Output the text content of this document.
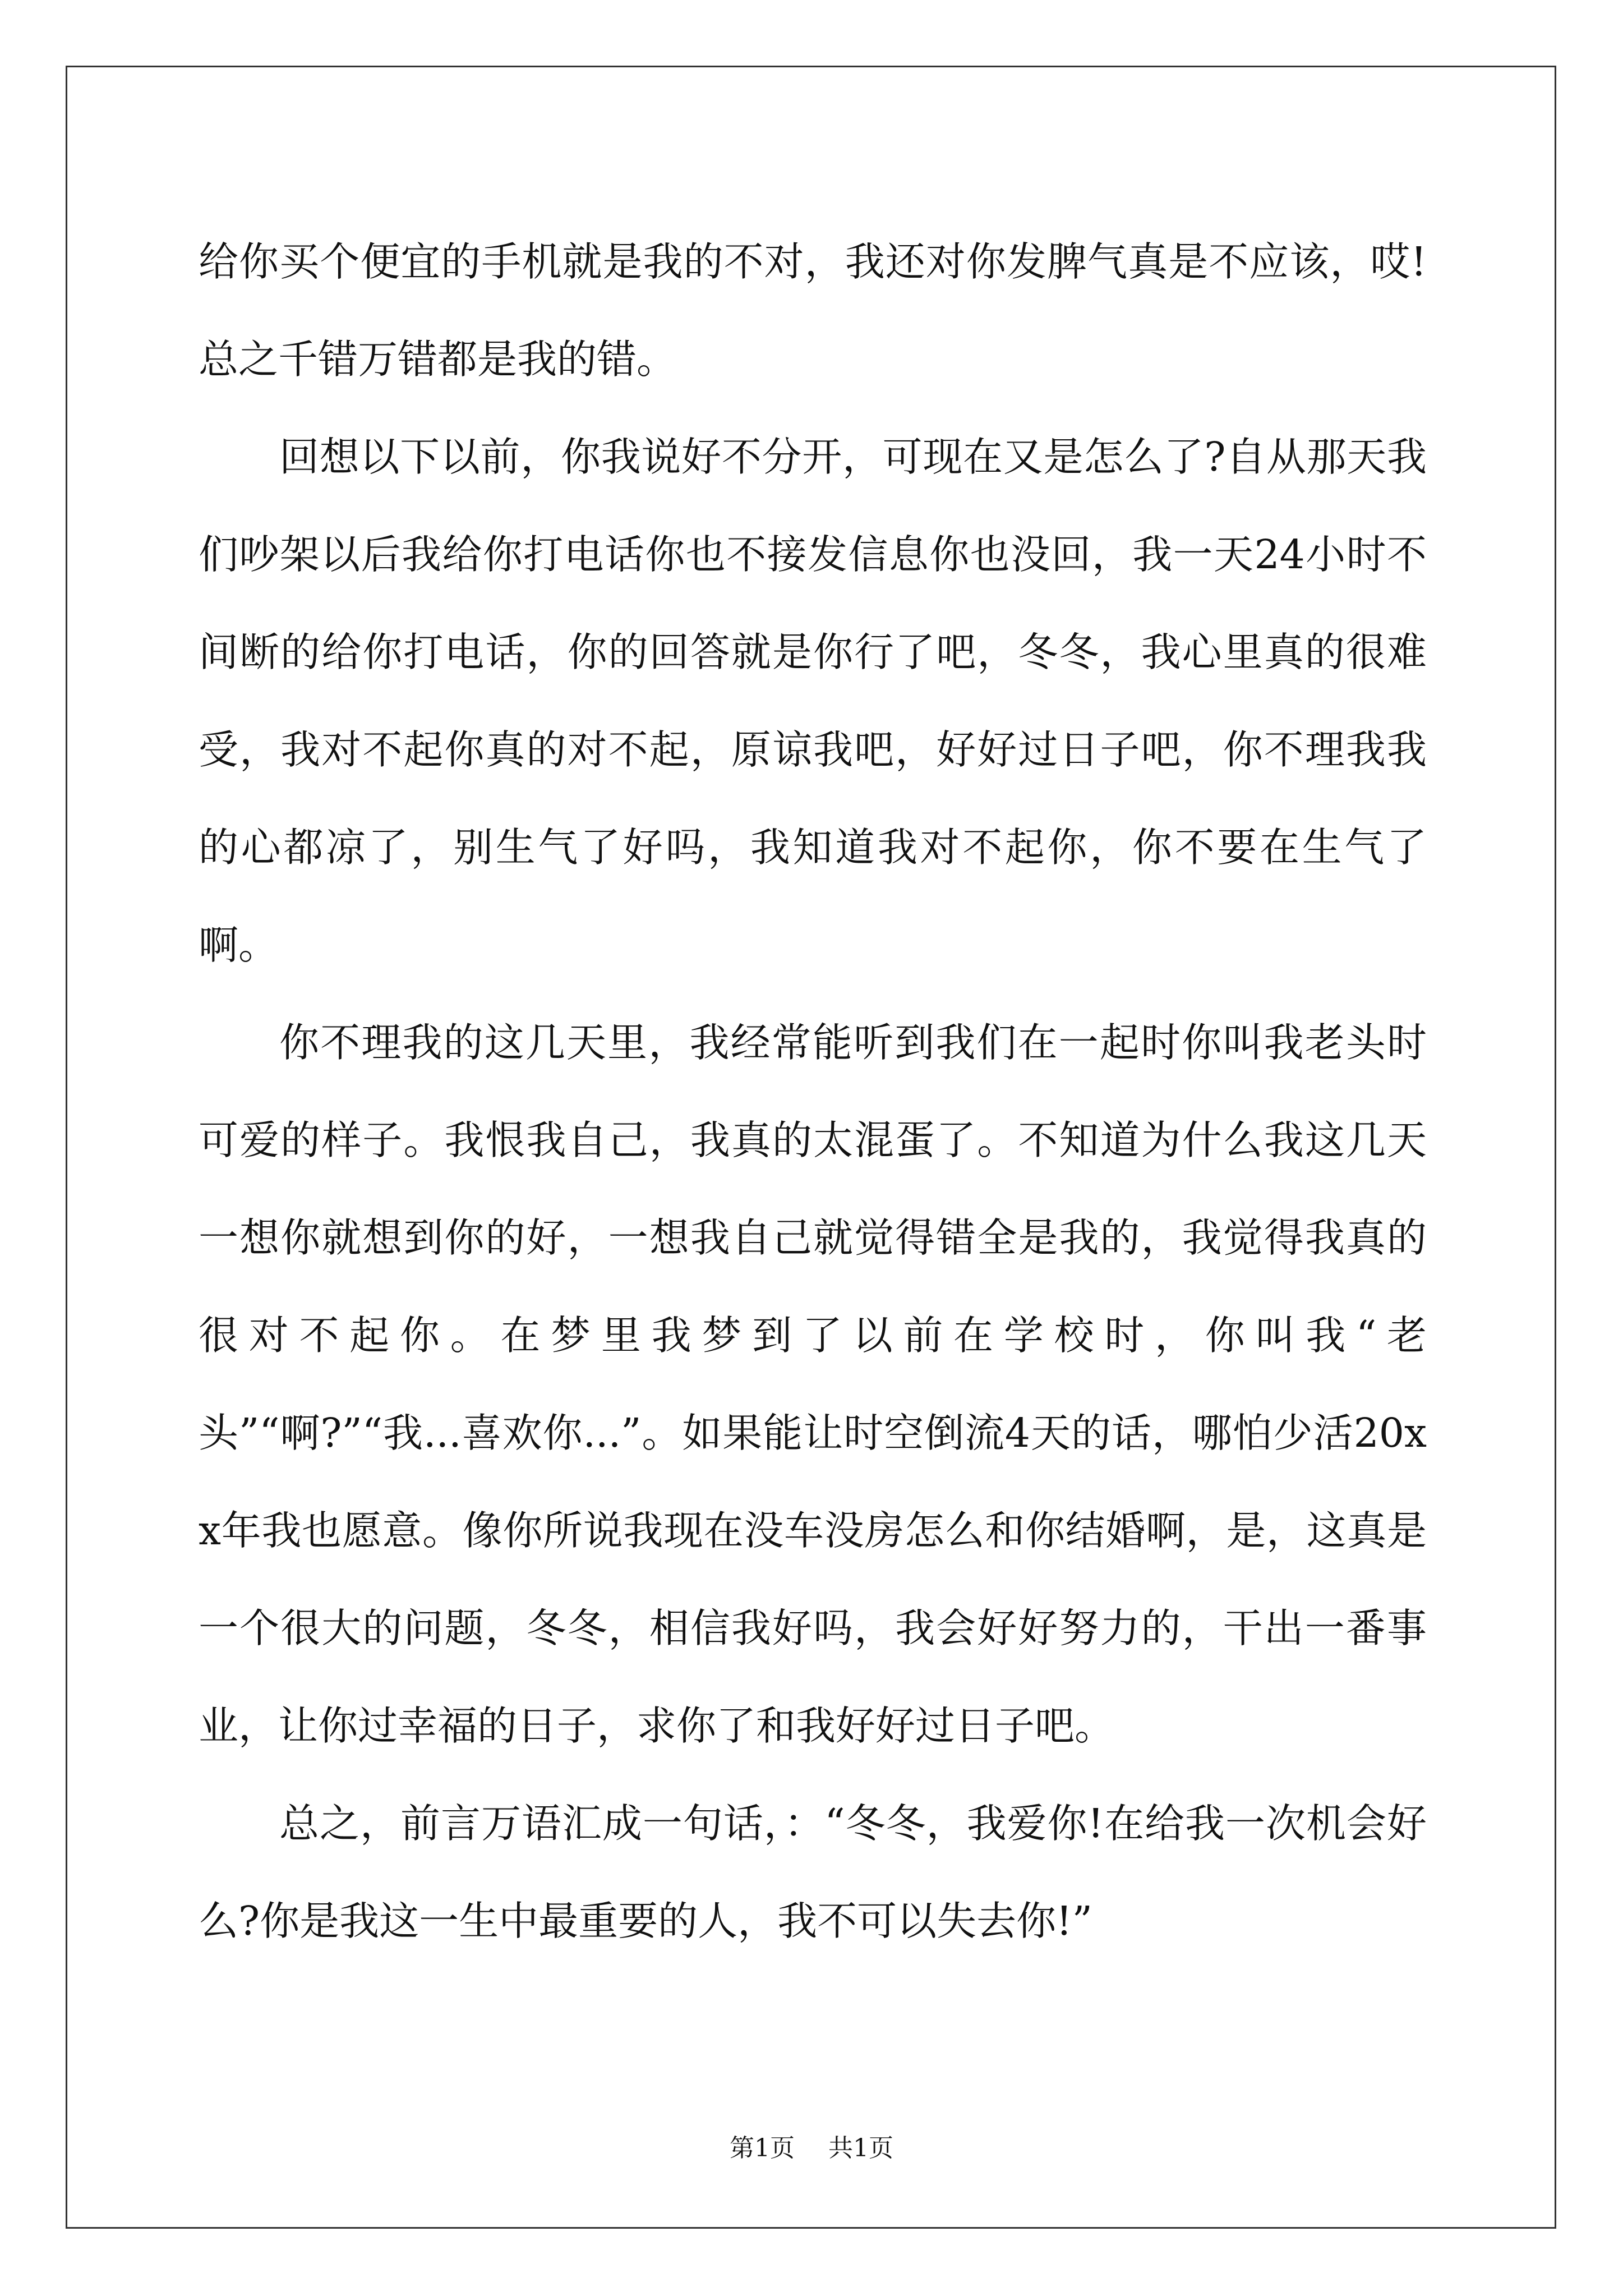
给你买个便宜的手机就是我的不对，我还对你发脾气真是不应该，哎!总之千错万错都是我的错。

回想以下以前，你我说好不分开，可现在又是怎么了?自从那天我们吵架以后我给你打电话你也不接发信息你也没回，我一天24小时不间断的给你打电话，你的回答就是你行了吧，冬冬，我心里真的很难受，我对不起你真的对不起，原谅我吧，好好过日子吧，你不理我我的心都凉了，别生气了好吗，我知道我对不起你，你不要在生气了啊。

你不理我的这几天里，我经常能听到我们在一起时你叫我老头时可爱的样子。我恨我自己，我真的太混蛋了。不知道为什么我这几天一想你就想到你的好，一想我自己就觉得错全是我的，我觉得我真的很对不起你。在梦里我梦到了以前在学校时，你叫我“老头”“啊?”“我...喜欢你...”。如果能让时空倒流4天的话，哪怕少活20xx年我也愿意。像你所说我现在没车没房怎么和你结婚啊，是，这真是一个很大的问题，冬冬，相信我好吗，我会好好努力的，干出一番事业，让你过幸福的日子，求你了和我好好过日子吧。

总之，前言万语汇成一句话，：“冬冬，我爱你!在给我一次机会好么?你是我这一生中最重要的人，我不可以失去你!”

第1页 共1页
